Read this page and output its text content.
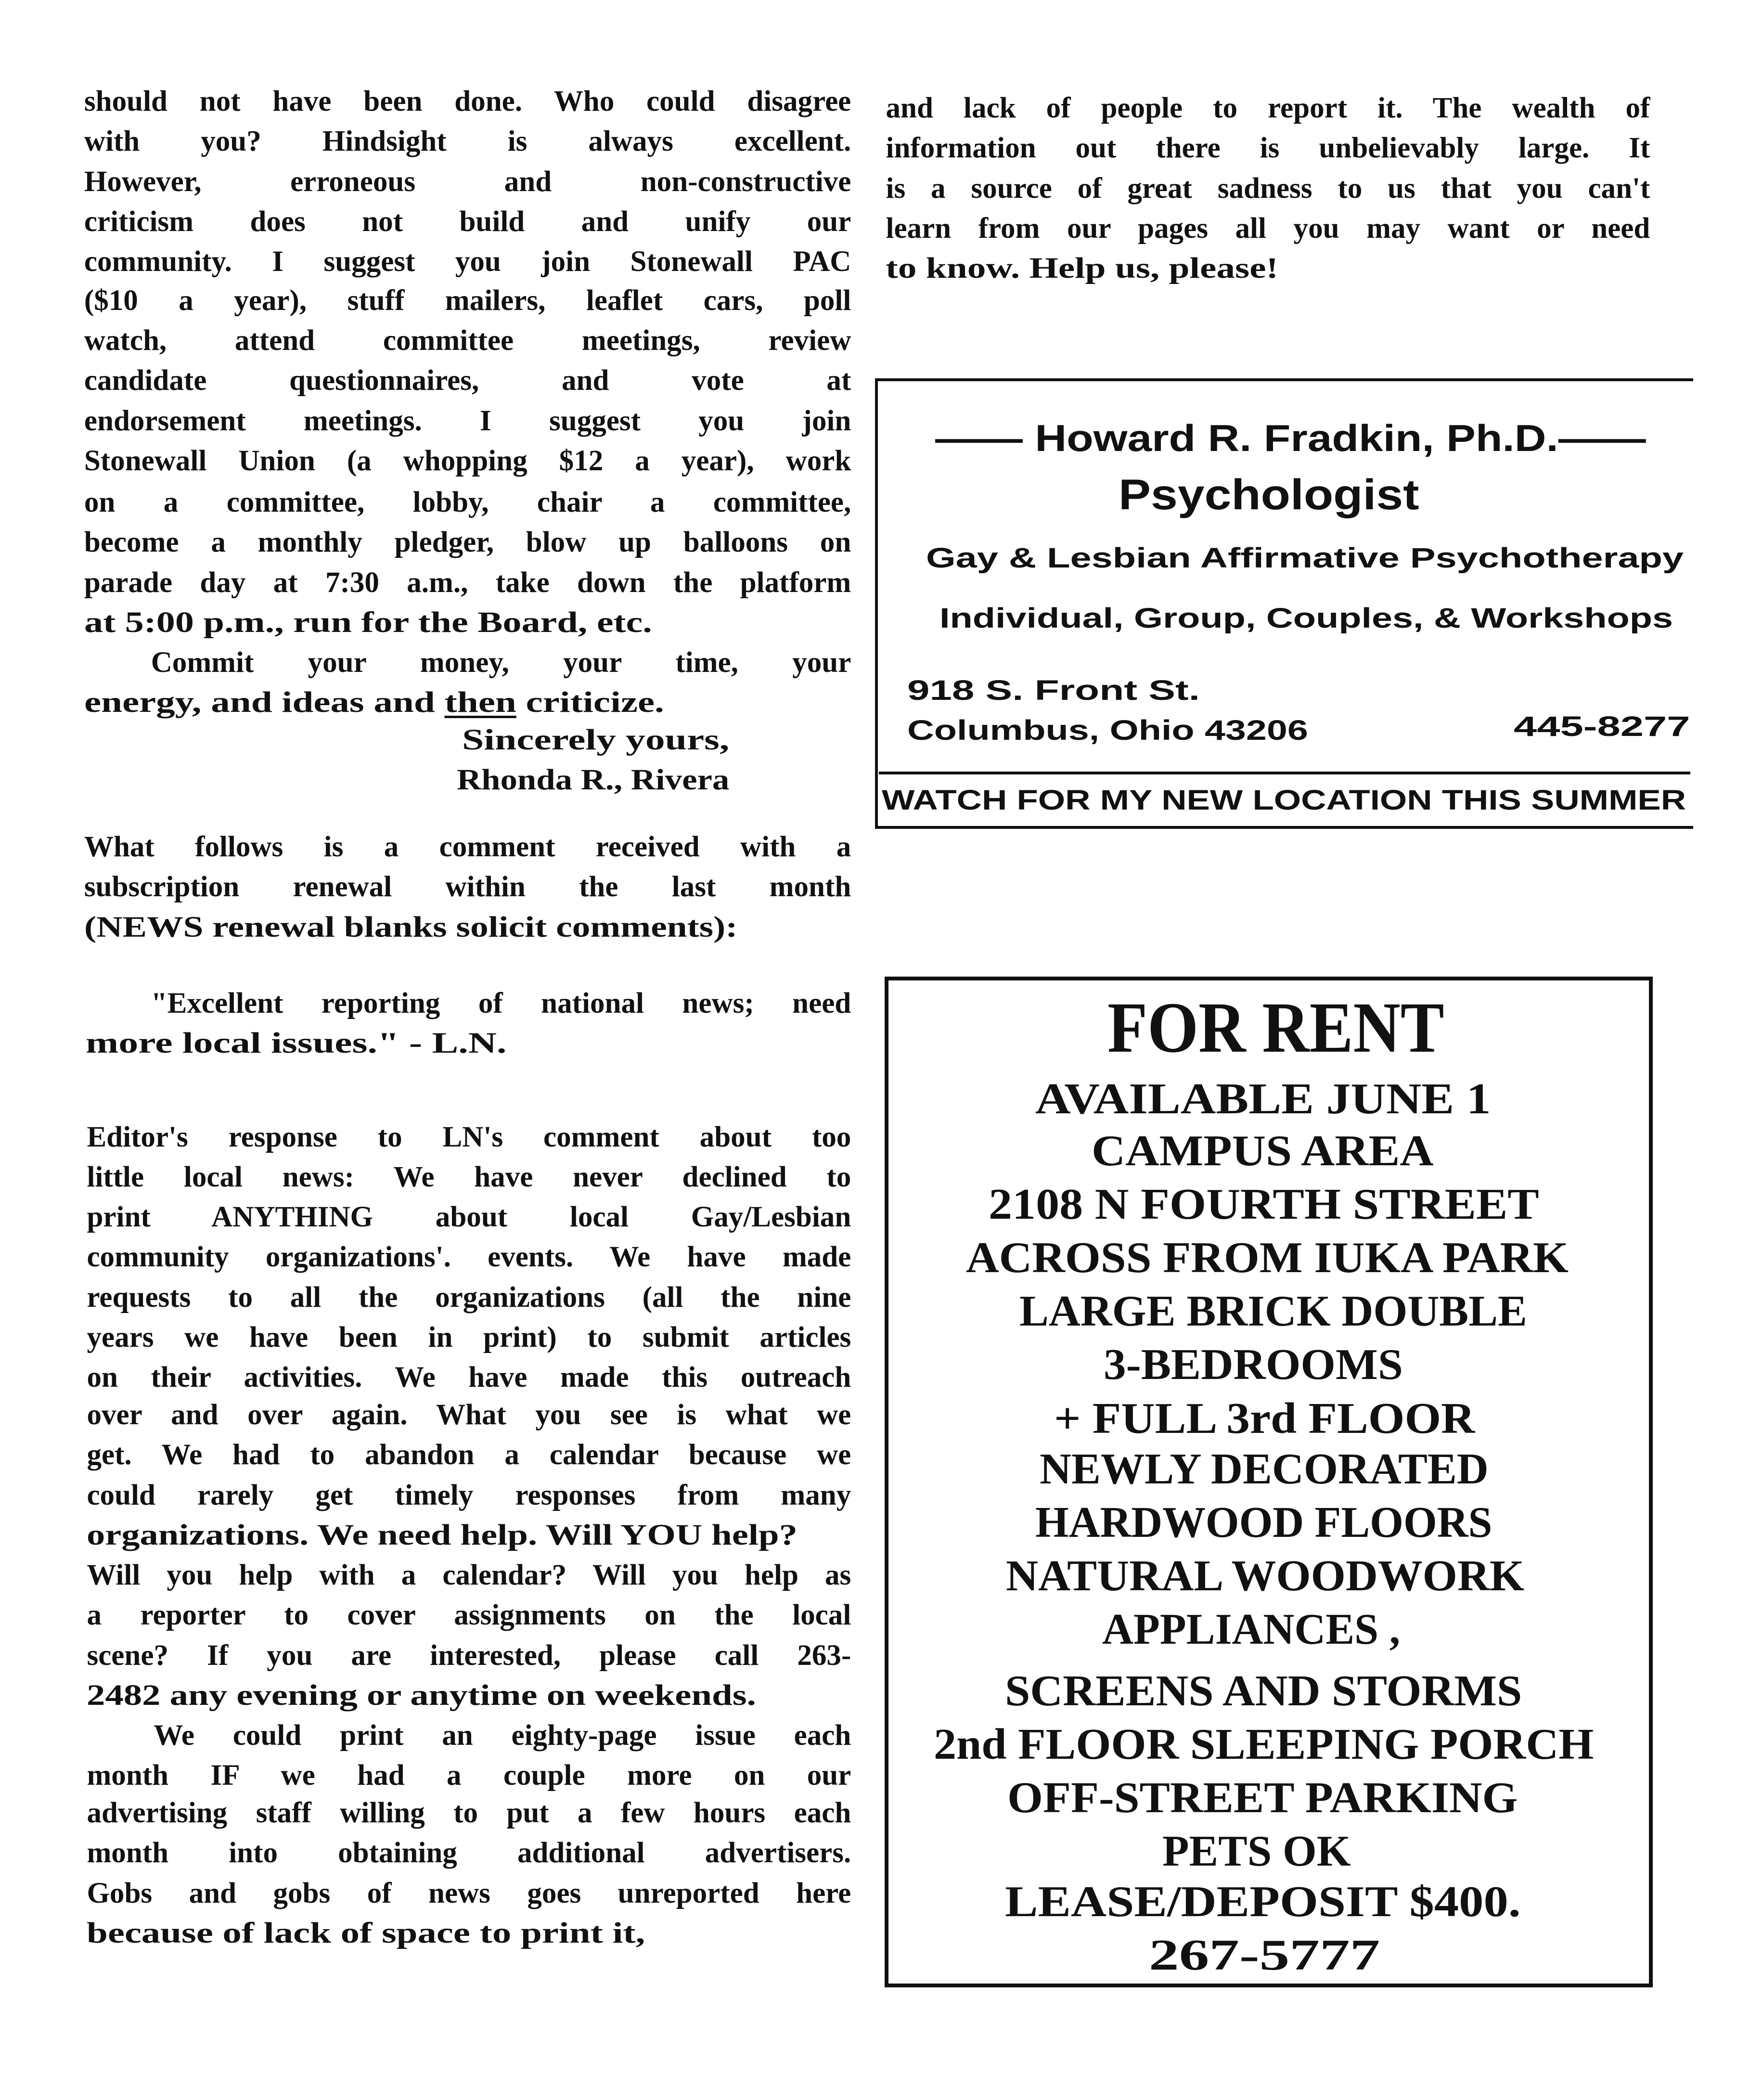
should not have been done. Who could disagree
with you? Hindsight is always excellent.
However, erroneous and non-constructive
criticism does not build and unify our
community. I suggest you join Stonewall PAC
($10 a year), stuff mailers, leaflet cars, poll
watch, attend committee meetings, review
candidate questionnaires, and vote at
endorsement meetings. I suggest you join
Stonewall Union (a whopping $12 a year), work
on a committee, lobby, chair a committee,
become a monthly pledger, blow up balloons on
parade day at 7:30 a.m., take down the platform
at 5:00 p.m., run for the Board, etc.
Commit your money, your time, your
Sincerely yours,
Rhonda R., Rivera
What follows is a comment received with a
subscription renewal within the last month
(NEWS renewal blanks solicit comments):
"Excellent reporting of national news; need
more local issues." - L.N.
Editor's response to LN's comment about too
little local news: We have never declined to
print ANYTHING about local Gay/Lesbian
community organizations'. events. We have made
requests to all the organizations (all the nine
years we have been in print) to submit articles
on their activities. We have made this outreach
over and over again. What you see is what we
get. We had to abandon a calendar because we
could rarely get timely responses from many
organizations. We need help. Will YOU help?
Will you help with a calendar? Will you help as
a reporter to cover assignments on the local
scene? If you are interested, please call 263-
2482 any evening or anytime on weekends.
We could print an eighty-page issue each
month IF we had a couple more on our
advertising staff willing to put a few hours each
month into obtaining additional advertisers.
Gobs and gobs of news goes unreported here
because of lack of space to print it,
and lack of people to report it. The wealth of
information out there is unbelievably large. It
is a source of great sadness to us that you can't
learn from our pages all you may want or need
to know. Help us, please!
—— Howard R. Fradkin, Ph.D.——
Psychologist
Gay & Lesbian Affirmative Psychotherapy
Individual, Group, Couples, & Workshops
918 S. Front St.
Columbus, Ohio 43206	445-8277
WATCH FOR MY NEW LOCATION THIS SUMMER
FOR RENT
AVAILABLE JUNE 1
CAMPUS AREA
2108 N FOURTH STREET
ACROSS FROM IUKA PARK
LARGE BRICK DOUBLE
3-BEDROOMS
+ FULL 3rd FLOOR
NEWLY DECORATED
HARDWOOD FLOORS
NATURAL WOODWORK
APPLIANCES ,
SCREENS AND STORMS
2nd FLOOR SLEEPING PORCH
OFF-STREET PARKING
PETS OK
LEASE/DEPOSIT $400.
267-5777
energy, and ideas and then criticize.
